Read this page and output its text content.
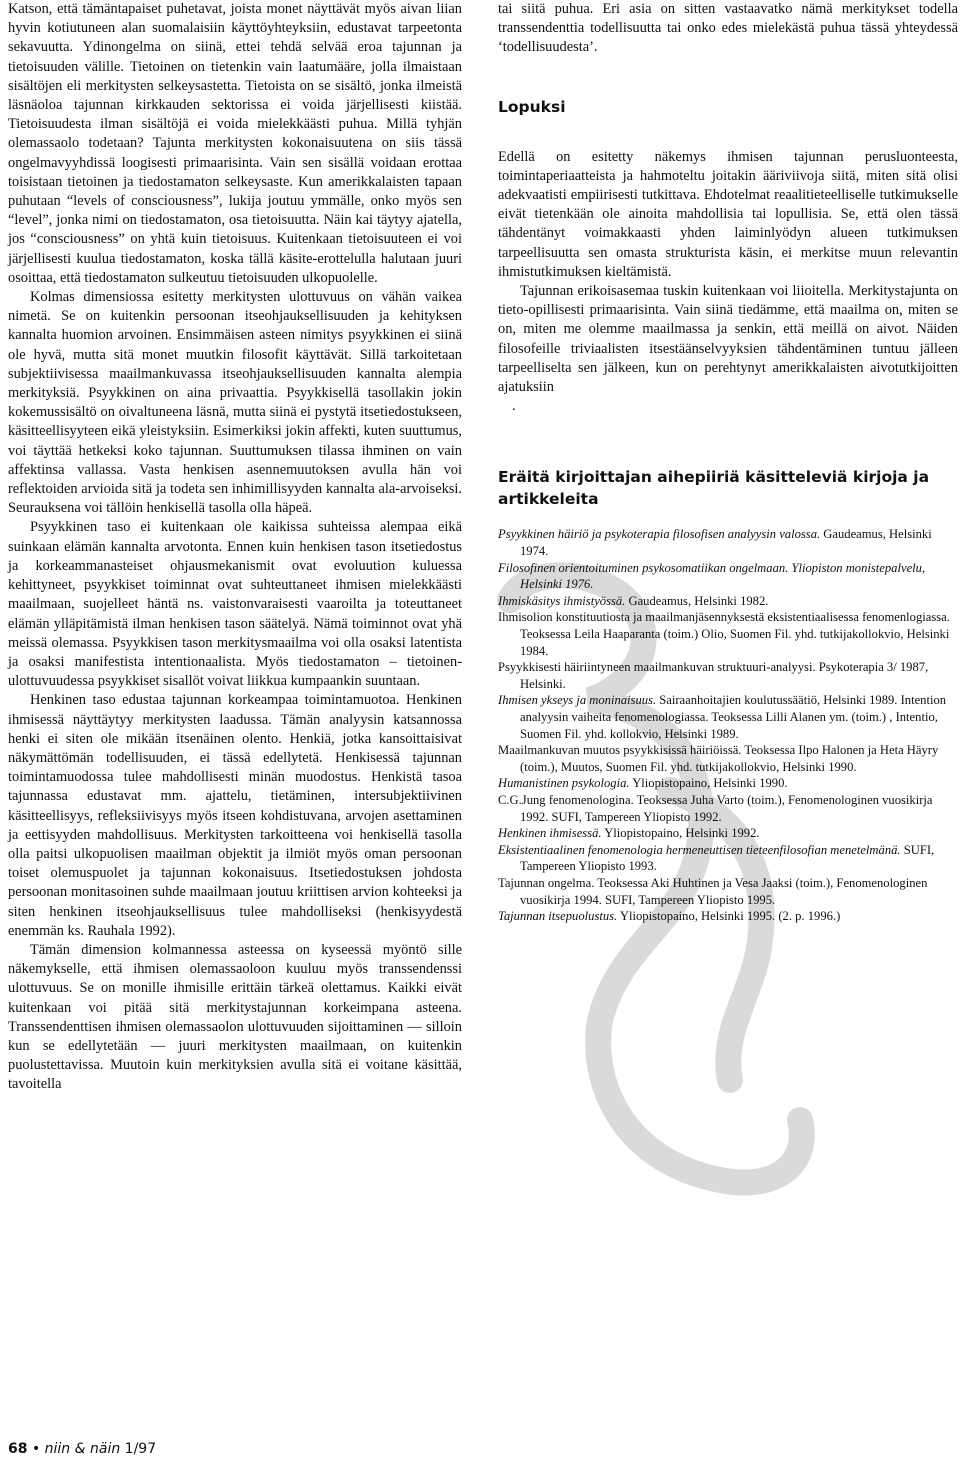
Katson, että tämäntapaiset puhetavat, joista monet näyttävät myös aivan liian hyvin kotiutuneen alan suomalaisiin käyttöyhteyksiin, edustavat tarpeetonta sekavuutta. Ydinongelma on siinä, ettei tehdä selvää eroa tajunnan ja tietoisuuden välille. Tietoinen on tietenkin vain laatumääre, jolla ilmaistaan sisältöjen eli merkitysten selkeysastetta. Tietoista on se sisältö, jonka ilmeistä läsnäoloa tajunnan kirkkauden sektorissa ei voida järjellisesti kiistää. Tietoisuudesta ilman sisältöjä ei voida mielekkäästi puhua. Millä tyhjän olemassaolo todetaan? Tajunta merkitysten kokonaisuutena on siis tässä ongelmavyyhdissä loogisesti primaarisinta. Vain sen sisällä voidaan erottaa toisistaan tietoinen ja tiedostamaton selkeysaste. Kun amerikkalaisten tapaan puhutaan “levels of consciousness”, lukija joutuu ymmälle, onko myös sen “level”, jonka nimi on tiedostamaton, osa tietoisuutta. Näin kai täytyy ajatella, jos “consciousness” on yhtä kuin tietoisuus. Kuitenkaan tietoisuuteen ei voi järjellisesti kuulua tiedostamaton, koska tällä käsite-erottelulla halutaan juuri osoittaa, että tiedostamaton sulkeutuu tietoisuuden ulkopuolelle.

Kolmas dimensiossa esitetty merkitysten ulottuvuus on vähän vaikea nimetä. Se on kuitenkin persoonan itseohjauksellisuuden ja kehityksen kannalta huomion arvoinen. Ensimmäisen asteen nimitys psyykkinen ei siinä ole hyvä, mutta sitä monet muutkin filosofit käyttävät. Sillä tarkoitetaan subjektiivisessa maailmankuvassa itseohjauksellisuuden kannalta alempia merkityksiä. Psyykkinen on aina privaattia. Psyykkisellä tasollakin jokin kokemussisältö on oivaltuneena läsnä, mutta siinä ei pystytä itsetiedostukseen, käsitteellisyyteen eikä yleistyksiin. Esimerkiksi jokin affekti, kuten suuttumus, voi täyttää hetkeksi koko tajunnan. Suuttumuksen tilassa ihminen on vain affektinsa vallassa. Vasta henkisen asennemuutoksen avulla hän voi reflektoiden arvioida sitä ja todeta sen inhimillisyyden kannalta ala-arvoiseksi. Seurauksena voi tällöin henkisellä tasolla olla häpeä.

Psyykkinen taso ei kuitenkaan ole kaikissa suhteissa alempaa eikä suinkaan elämän kannalta arvotonta. Ennen kuin henkisen tason itsetiedostus ja korkeammanasteiset ohjausmekanismit ovat evoluution kuluessa kehittyneet, psyykkiset toiminnat ovat suhteuttaneet ihmisen mielekkäästi maailmaan, suojelleet häntä ns. vaistonvaraisesti vaaroilta ja toteuttaneet elämän ylläpitämistä ilman henkisen tason säätelyä. Nämä toiminnot ovat yhä meissä olemassa. Psyykkisen tason merkitysmaailma voi olla osaksi latentista ja osaksi manifestista intentionaalista. Myös tiedostamaton – tietoinen-ulottuvuudessa psyykkiset sisallöt voivat liikkua kumpaankin suuntaan.

Henkinen taso edustaa tajunnan korkeampaa toimintamuotoa. Henkinen ihmisessä näyttäytyy merkitysten laadussa. Tämän analyysin katsannossa henki ei siten ole mikään itsenäinen olento. Henkiä, jotka kansoittaisivat näkymättömän todellisuuden, ei tässä edellytetä. Henkisessä tajunnan toimintamuodossa tulee mahdollisesti minän muodostus. Henkistä tasoa tajunnassa edustavat mm. ajattelu, tietäminen, intersubjektiivinen käsitteellisyys, refleksiivisyys myös itseen kohdistuvana, arvojen asettaminen ja eettisyyden mahdollisuus. Merkitysten tarkoitteena voi henkisellä tasolla olla paitsi ulkopuolisen maailman objektit ja ilmiöt myös oman persoonan toiset olemuspuolet ja tajunnan kokonaisuus. Itsetiedostuksen johdosta persoonan monitasoinen suhde maailmaan joutuu kriittisen arvion kohteeksi ja siten henkinen itseohjauksellisuus tulee mahdolliseksi (henkisyydestä enemmän ks. Rauhala 1992).

Tämän dimension kolmannessa asteessa on kyseessä myöntö sille näkemykselle, että ihmisen olemassaoloon kuuluu myös transsendenssi ulottuvuus. Se on monille ihmisille erittäin tärkeä olettamus. Kaikki eivät kuitenkaan voi pitää sitä merkitystajunnan korkeimpana asteena. Transsendenttisen ihmisen olemassaolon ulottuvuuden sijoittaminen — silloin kun se edellytetään — juuri merkitysten maailmaan, on kuitenkin puolustettavissa. Muutoin kuin merkityksien avulla sitä ei voitane käsittää, tavoitella

tai siitä puhua. Eri asia on sitten vastaavatko nämä merkitykset todella transsendenttia todellisuutta tai onko edes mielekästä puhua tässä yhteydessä ‘todellisuudesta’.

Lopuksi

Edellä on esitetty näkemys ihmisen tajunnan perusluonteesta, toimintaperiaatteista ja hahmoteltu joitakin ääriviivoja siitä, miten sitä olisi adekvaatisti empiirisesti tutkittava. Ehdotelmat reaalitieteelliselle tutkimukselle eivät tietenkään ole ainoita mahdollisia tai lopullisia. Se, että olen tässä tähdentänyt voimakkaasti yhden laiminlyödyn alueen tutkimuksen tarpeellisuutta sen omasta strukturista käsin, ei merkitse muun relevantin ihmistutkimuksen kieltämistä.

Tajunnan erikoisasemaa tuskin kuitenkaan voi liioitella. Merkitystajunta on tieto-opillisesti primaarisinta. Vain siinä tiedämme, että maailma on, miten se on, miten me olemme maailmassa ja senkin, että meillä on aivot. Näiden filosofeille triviaalisten itsestäänselvyyksien tähdentäminen tuntuu jälleen tarpeelliselta sen jälkeen, kun on perehtynyt amerikkalaisten aivotutkijoitten ajatuksiin

.

Eräitä kirjoittajan aihepiiriä käsitteleviä kirjoja ja artikkeleita

Psyykkinen häiriö ja psykoterapia filosofisen analyysin valossa. Gaudeamus, Helsinki 1974.

Filosofinen orientoituminen psykosomatiikan ongelmaan. Yliopiston monistepalvelu, Helsinki 1976.

Ihmiskäsitys ihmistyössä. Gaudeamus, Helsinki 1982.

Ihmisolion konstituutiosta ja maailmanjäsennyksestä eksistentiaalisessa fenomenlogiassa. Teoksessa Leila Haaparanta (toim.) Olio, Suomen Fil. yhd. tutkijakollokvio, Helsinki 1984.

Psyykkisesti häiriintyneen maailmankuvan struktuuri-analyysi. Psykoterapia 3/ 1987, Helsinki.

Ihmisen ykseys ja moninaisuus. Sairaanhoitajien koulutussäätiö, Helsinki 1989. Intention analyysin vaiheita fenomenologiassa. Teoksessa Lilli Alanen ym. (toim.) , Intentio, Suomen Fil. yhd. kollokvio, Helsinki 1989.

Maailmankuvan muutos psyykkisissä häiriöissä. Teoksessa Ilpo Halonen ja Heta Häyry (toim.), Muutos, Suomen Fil. yhd. tutkijakollokvio, Helsinki 1990.

Humanistinen psykologia. Yliopistopaino, Helsinki 1990.

C.G.Jung fenomenologina. Teoksessa Juha Varto (toim.), Fenomenologinen vuosikirja 1992. SUFI, Tampereen Yliopisto 1992.

Henkinen ihmisessä. Yliopistopaino, Helsinki 1992.

Eksistentiaalinen fenomenologia hermeneuttisen tieteenfilosofian menetelmänä. SUFI, Tampereen Yliopisto 1993.

Tajunnan ongelma. Teoksessa Aki Huhtinen ja Vesa Jaaksi (toim.), Fenomenologinen vuosikirja 1994. SUFI, Tampereen Yliopisto 1995.

Tajunnan itsepuolustus. Yliopistopaino, Helsinki 1995. (2. p. 1996.)

68 • niin & näin 1/97
